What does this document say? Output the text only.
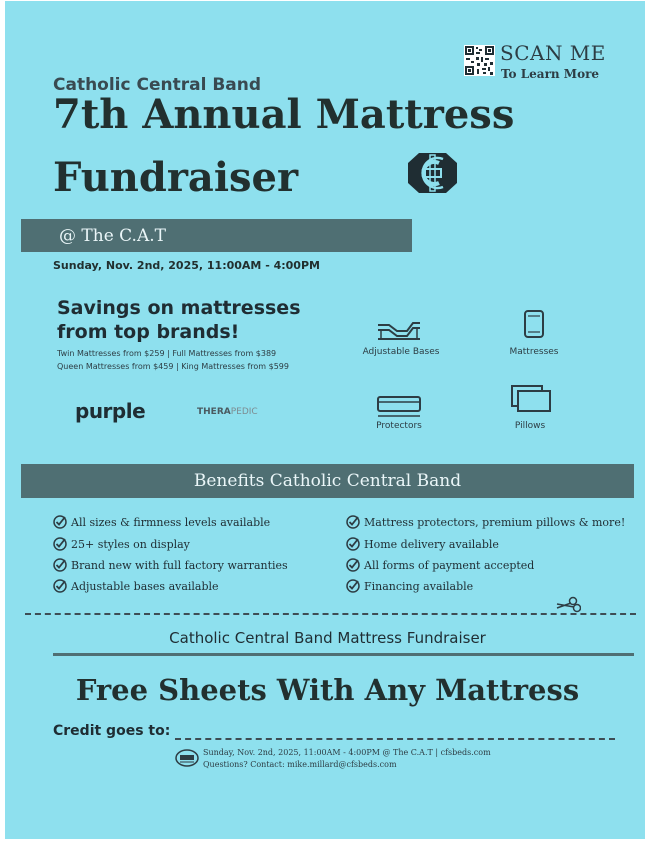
SCAN ME
To Learn More
Catholic Central Band
7th Annual Mattress
Fundraiser
@ The C.A.T
Sunday, Nov. 2nd, 2025, 11:00AM - 4:00PM
Savings on mattresses
from top brands!
Twin Mattresses from $259 | Full Mattresses from $389
Queen Mattresses from $459 | King Mattresses from $599
purple	THERAPEDIC
Adjustable Bases	Mattresses
Protectors	Pillows
Benefits Catholic Central Band
All sizes & firmness levels available
25+ styles on display
Brand new with full factory warranties
Adjustable bases available
Mattress protectors, premium pillows & more!
Home delivery available
All forms of payment accepted
Financing available
Catholic Central Band Mattress Fundraiser
Free Sheets With Any Mattress
Credit goes to:
Sunday, Nov. 2nd, 2025, 11:00AM - 4:00PM @ The C.A.T | cfsbeds.com
Questions? Contact: mike.millard@cfsbeds.com
